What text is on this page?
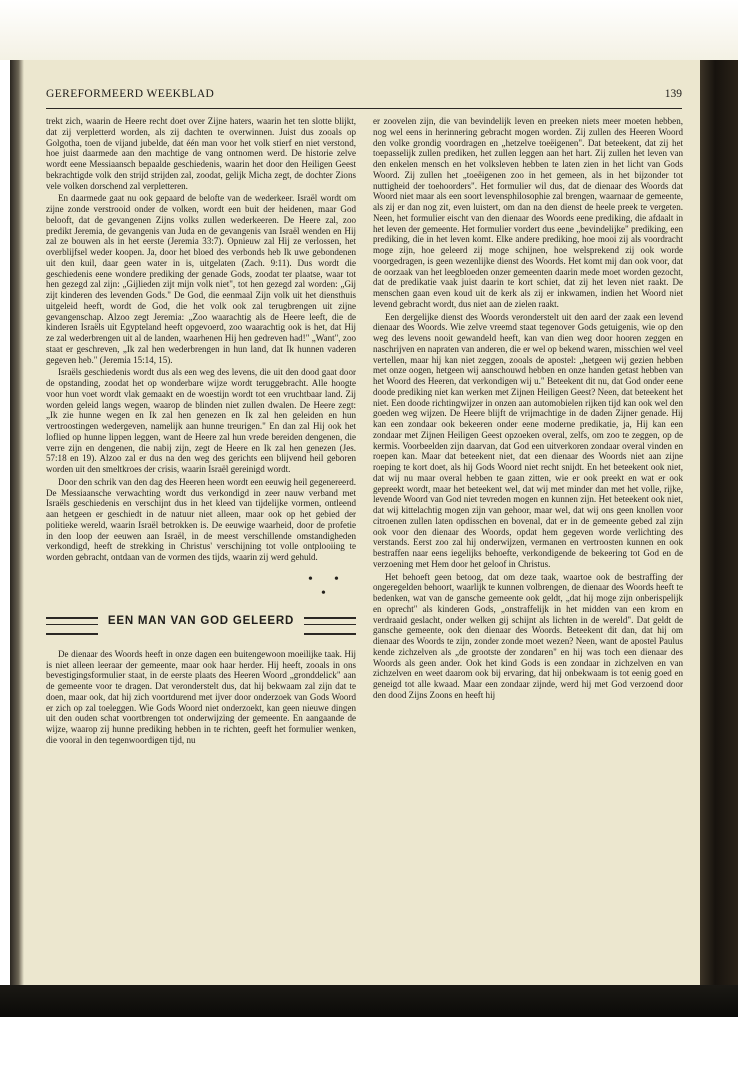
GEREFORMEERD WEEKBLAD	139

trekt zich, waarin de Heere recht doet over Zijne haters, waarin het ten slotte blijkt, dat zij verpletterd worden, als zij dachten te overwinnen. Juist dus zooals op Golgotha, toen de vijand jubelde, dat één man voor het volk stierf en niet verstond, hoe juist daarmede aan den machtige de vang ontnomen werd. De historie zelve wordt eene Messiaansch bepaalde geschiedenis, waarin het door den Heiligen Geest bekrachtigde volk den strijd strijden zal, zoodat, gelijk Micha zegt, de dochter Zions vele volken dorschend zal verpletteren.

En daarmede gaat nu ook gepaard de belofte van de wederkeer. Israël wordt om zijne zonde verstrooid onder de volken, wordt een buit der heidenen, maar God belooft, dat de gevangenen Zijns volks zullen wederkeeren. De Heere zal, zoo predikt Jeremia, de gevangenis van Juda en de gevangenis van Israël wenden en Hij zal ze bouwen als in het eerste (Jeremia 33:7). Opnieuw zal Hij ze verlossen, het overblijfsel weder koopen. Ja, door het bloed des verbonds heb Ik uwe gebondenen uit den kuil, daar geen water in is, uitgelaten (Zach. 9:11). Dus wordt die geschiedenis eene wondere prediking der genade Gods, zoodat ter plaatse, waar tot hen gezegd zal zijn: „Gijlieden zijt mijn volk niet", tot hen gezegd zal worden: „Gij zijt kinderen des levenden Gods." De God, die eenmaal Zijn volk uit het diensthuis uitgeleid heeft, wordt de God, die het volk ook zal terugbrengen uit zijne gevangenschap. Alzoo zegt Jeremia: „Zoo waarachtig als de Heere leeft, die de kinderen Israëls uit Egypteland heeft opgevoerd, zoo waarachtig ook is het, dat Hij ze zal wederbrengen uit al de landen, waarhenen Hij hen gedreven had!" „Want", zoo staat er geschreven, „Ik zal hen wederbrengen in hun land, dat Ik hunnen vaderen gegeven heb." (Jeremia 15:14, 15).

Israëls geschiedenis wordt dus als een weg des levens, die uit den dood gaat door de opstanding, zoodat het op wonderbare wijze wordt teruggebracht. Alle hoogte voor hun voet wordt vlak gemaakt en de woestijn wordt tot een vruchtbaar land. Zij worden geleid langs wegen, waarop de blinden niet zullen dwalen. De Heere zegt: „Ik zie hunne wegen en Ik zal hen genezen en Ik zal hen geleiden en hun vertroostingen wedergeven, namelijk aan hunne treurigen." En dan zal Hij ook het loflied op hunne lippen leggen, want de Heere zal hun vrede bereiden dengenen, die verre zijn en dengenen, die nabij zijn, zegt de Heere en Ik zal hen genezen (Jes. 57:18 en 19). Alzoo zal er dus na den weg des gerichts een blijvend heil geboren worden uit den smeltkroes der crisis, waarin Israël gereinigd wordt.

Door den schrik van den dag des Heeren heen wordt een eeuwig heil gegenereerd. De Messiaansche verwachting wordt dus verkondigd in zeer nauw verband met Israëls geschiedenis en verschijnt dus in het kleed van tijdelijke vormen, ontleend aan hetgeen er geschiedt in de natuur niet alleen, maar ook op het gebied der politieke wereld, waarin Israël betrokken is. De eeuwige waarheid, door de profetie in den loop der eeuwen aan Israël, in de meest verschillende omstandigheden verkondigd, heeft de strekking in Christus' verschijning tot volle ontplooiing te worden gebracht, ontdaan van de vormen des tijds, waarin zij werd gehuld.

• •
•
EEN MAN VAN GOD GELEERD

De dienaar des Woords heeft in onze dagen een buitengewoon moeilijke taak. Hij is niet alleen leeraar der gemeente, maar ook haar herder. Hij heeft, zooals in ons bevestigingsformulier staat, in de eerste plaats des Heeren Woord „gronddelick" aan de gemeente voor te dragen. Dat veronderstelt dus, dat hij bekwaam zal zijn dat te doen, maar ook, dat hij zich voortdurend met ijver door onderzoek van Gods Woord er zich op zal toeleggen. Wie Gods Woord niet onderzoekt, kan geen nieuwe dingen uit den ouden schat voortbrengen tot onderwijzing der gemeente. En aangaande de wijze, waarop zij hunne prediking hebben in te richten, geeft het formulier wenken, die vooral in den tegenwoordigen tijd, nu

er zoovelen zijn, die van bevindelijk leven en preeken niets meer moeten hebben, nog wel eens in herinnering gebracht mogen worden. Zij zullen des Heeren Woord den volke grondig voordragen en „hetzelve toeëigenen". Dat beteekent, dat zij het toepasselijk zullen prediken, het zullen leggen aan het hart. Zij zullen het leven van den enkelen mensch en het volksleven hebben te laten zien in het licht van Gods Woord. Zij zullen het „toeëigenen zoo in het gemeen, als in het bijzonder tot nuttigheid der toehoorders". Het formulier wil dus, dat de dienaar des Woords dat Woord niet maar als een soort levensphilosophie zal brengen, waarnaar de gemeente, als zij er dan nog zit, even luistert, om dan na den dienst de heele preek te vergeten. Neen, het formulier eischt van den dienaar des Woords eene prediking, die afdaalt in het leven der gemeente. Het formulier vordert dus eene „bevindelijke" prediking, een prediking, die in het leven komt. Elke andere prediking, hoe mooi zij als voordracht moge zijn, hoe geleerd zij moge schijnen, hoe welsprekend zij ook worde voorgedragen, is geen wezenlijke dienst des Woords. Het komt mij dan ook voor, dat de oorzaak van het leegbloeden onzer gemeenten daarin mede moet worden gezocht, dat de predikatie vaak juist daarin te kort schiet, dat zij het leven niet raakt. De menschen gaan even koud uit de kerk als zij er inkwamen, indien het Woord niet levend gebracht wordt, dus niet aan de zielen raakt.

Een dergelijke dienst des Woords veronderstelt uit den aard der zaak een levend dienaar des Woords. Wie zelve vreemd staat tegenover Gods getuigenis, wie op den weg des levens nooit gewandeld heeft, kan van dien weg door hooren zeggen en naschrijven en napraten van anderen, die er wel op bekend waren, misschien wel veel vertellen, maar hij kan niet zeggen, zooals de apostel: „hetgeen wij gezien hebben met onze oogen, hetgeen wij aanschouwd hebben en onze handen getast hebben van het Woord des Heeren, dat verkondigen wij u." Beteekent dit nu, dat God onder eene doode prediking niet kan werken met Zijnen Heiligen Geest? Neen, dat beteekent het niet. Een doode richtingwijzer in onzen aan automobielen rijken tijd kan ook wel den goeden weg wijzen. De Heere blijft de vrijmachtige in de daden Zijner genade. Hij kan een zondaar ook bekeeren onder eene moderne predikatie, ja, Hij kan een zondaar met Zijnen Heiligen Geest opzoeken overal, zelfs, om zoo te zeggen, op de kermis. Voorbeelden zijn daarvan, dat God een uitverkoren zondaar overal vinden en roepen kan. Maar dat beteekent niet, dat een dienaar des Woords niet aan zijne roeping te kort doet, als hij Gods Woord niet recht snijdt. En het beteekent ook niet, dat wij nu maar overal hebben te gaan zitten, wie er ook preekt en wat er ook gepreekt wordt, maar het beteekent wel, dat wij met minder dan met het volle, rijke, levende Woord van God niet tevreden mogen en kunnen zijn. Het beteekent ook niet, dat wij kittelachtig mogen zijn van gehoor, maar wel, dat wij ons geen knollen voor citroenen zullen laten opdisschen en bovenal, dat er in de gemeente gebed zal zijn ook voor den dienaar des Woords, opdat hem gegeven worde verlichting des verstands. Eerst zoo zal hij onderwijzen, vermanen en vertroosten kunnen en ook bestraffen naar eens iegelijks behoefte, verkondigende de bekeering tot God en de verzoening met Hem door het geloof in Christus.

Het behoeft geen betoog, dat om deze taak, waartoe ook de bestraffing der ongeregelden behoort, waarlijk te kunnen volbrengen, de dienaar des Woords heeft te bedenken, wat van de gansche gemeente ook geldt, „dat hij moge zijn onberispelijk en oprecht" als kinderen Gods, „onstraffelijk in het midden van een krom en verdraaid geslacht, onder welken gij schijnt als lichten in de wereld". Dat geldt de gansche gemeente, ook den dienaar des Woords. Beteekent dit dan, dat hij om dienaar des Woords te zijn, zonder zonde moet wezen? Neen, want de apostel Paulus kende zichzelven als „de grootste der zondaren" en hij was toch een dienaar des Woords als geen ander. Ook het kind Gods is een zondaar in zichzelven en van zichzelven en weet daarom ook bij ervaring, dat hij onbekwaam is tot eenig goed en geneigd tot alle kwaad. Maar een zondaar zijnde, werd hij met God verzoend door den dood Zijns Zoons en heeft hij
